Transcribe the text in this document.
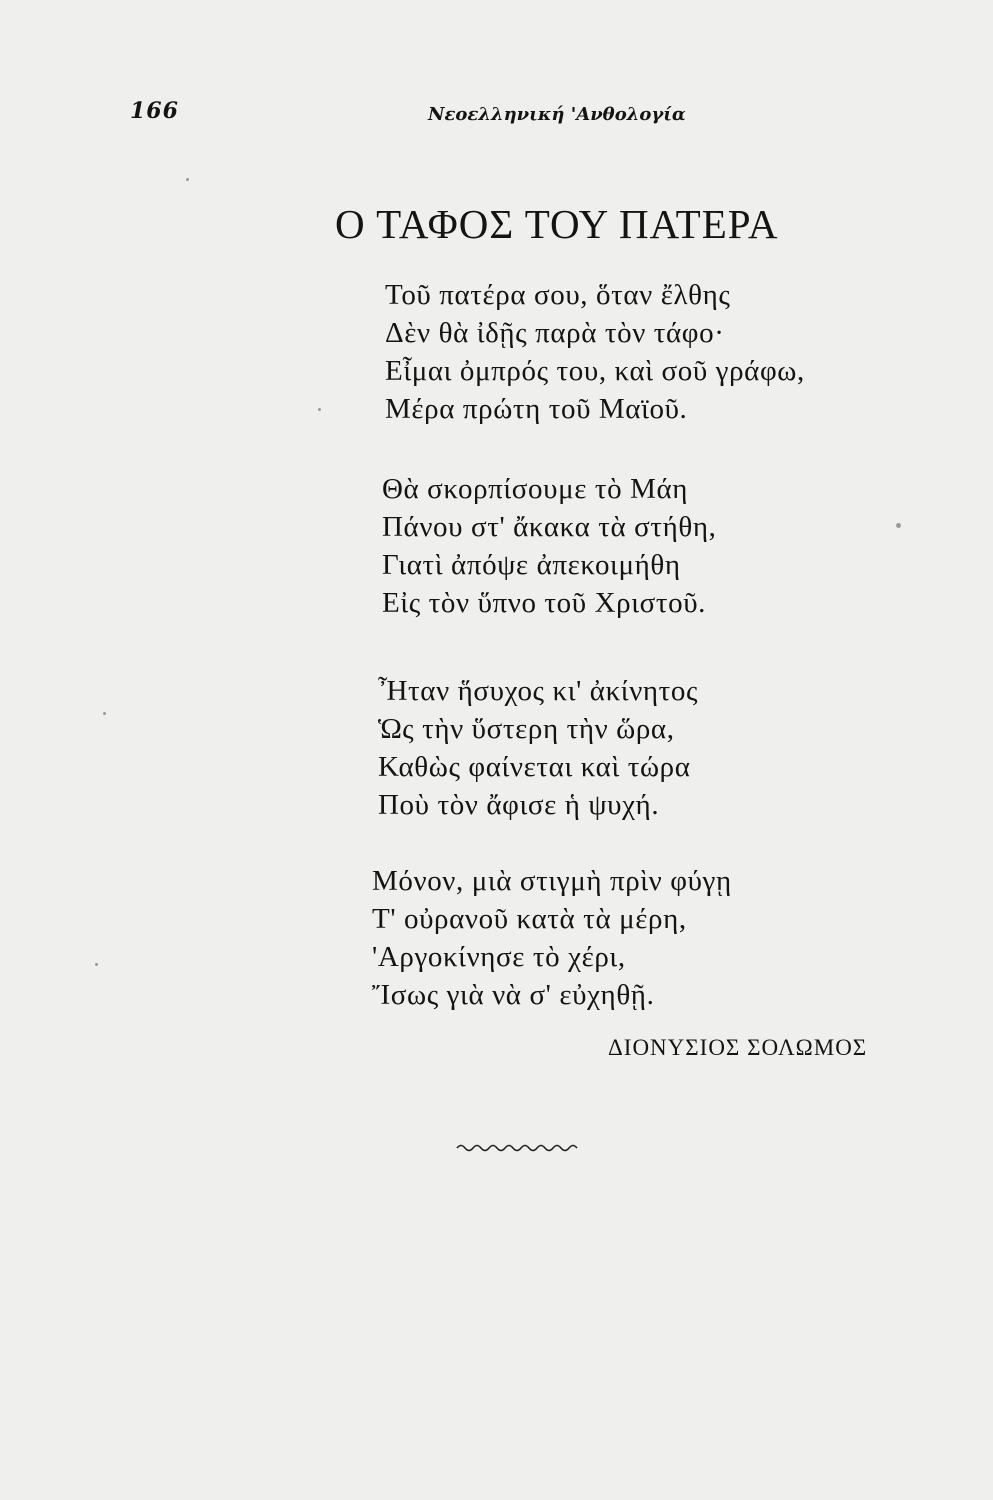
166	Νεοελληνική 'Ανθολογία
Ο ΤΑΦΟΣ ΤΟΥ ΠΑΤΕΡΑ
Τοῦ πατέρα σου, ὅταν ἔλθης
Δὲν θὰ ἰδῇς παρὰ τὸν τάφο·
Εἶμαι ὀμπρός του, καὶ σοῦ γράφω,
Μέρα πρώτη τοῦ Μαϊοῦ.
Θὰ σκορπίσουμε τὸ Μάη
Πάνου στ' ἄκακα τὰ στήθη,
Γιατὶ ἀπόψε ἀπεκοιμήθη
Εἰς τὸν ὕπνο τοῦ Χριστοῦ.
Ἦταν ἥσυχος κι' ἀκίνητος
Ὡς τὴν ὕστερη τὴν ὥρα,
Καθὼς φαίνεται καὶ τώρα
Ποὺ τὸν ἄφισε ἡ ψυχή.
Μόνον, μιὰ στιγμὴ πρὶν φύγῃ
Τ' οὐρανοῦ κατὰ τὰ μέρη,
'Αργοκίνησε τὸ χέρι,
Ἴσως γιὰ νὰ σ' εὐχηθῇ.
ΔΙΟΝΥΣΙΟΣ ΣΟΛΩΜΟΣ
